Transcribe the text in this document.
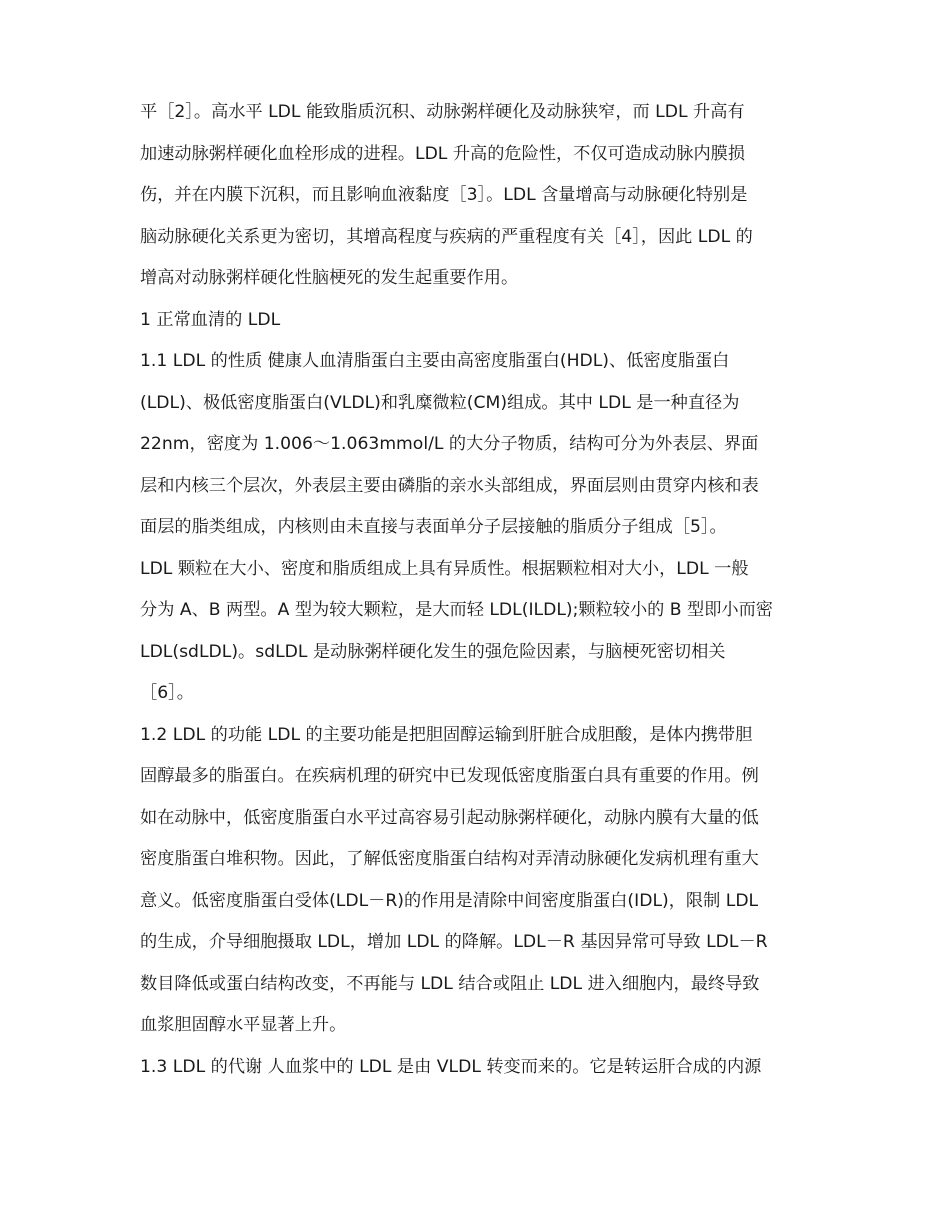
平［2］。高水平 LDL 能致脂质沉积、动脉粥样硬化及动脉狭窄，而 LDL 升高有
加速动脉粥样硬化血栓形成的进程。LDL 升高的危险性，不仅可造成动脉内膜损
伤，并在内膜下沉积，而且影响血液黏度［3］。LDL 含量增高与动脉硬化特别是
脑动脉硬化关系更为密切，其增高程度与疾病的严重程度有关［4］，因此 LDL 的
增高对动脉粥样硬化性脑梗死的发生起重要作用。
1 正常血清的 LDL
1.1 LDL 的性质 健康人血清脂蛋白主要由高密度脂蛋白(HDL)、低密度脂蛋白
(LDL)、极低密度脂蛋白(VLDL)和乳糜微粒(CM)组成。其中 LDL 是一种直径为
22nm，密度为 1.006～1.063mmol/L 的大分子物质，结构可分为外表层、界面
层和内核三个层次，外表层主要由磷脂的亲水头部组成，界面层则由贯穿内核和表
面层的脂类组成，内核则由未直接与表面单分子层接触的脂质分子组成［5］。
LDL 颗粒在大小、密度和脂质组成上具有异质性。根据颗粒相对大小，LDL 一般
分为 A、B 两型。A 型为较大颗粒，是大而轻 LDL(ILDL);颗粒较小的 B 型即小而密
LDL(sdLDL)。sdLDL 是动脉粥样硬化发生的强危险因素，与脑梗死密切相关
［6］。
1.2 LDL 的功能 LDL 的主要功能是把胆固醇运输到肝脏合成胆酸，是体内携带胆
固醇最多的脂蛋白。在疾病机理的研究中已发现低密度脂蛋白具有重要的作用。例
如在动脉中，低密度脂蛋白水平过高容易引起动脉粥样硬化，动脉内膜有大量的低
密度脂蛋白堆积物。因此，了解低密度脂蛋白结构对弄清动脉硬化发病机理有重大
意义。低密度脂蛋白受体(LDL－R)的作用是清除中间密度脂蛋白(IDL)，限制 LDL
的生成，介导细胞摄取 LDL，增加 LDL 的降解。LDL－R 基因异常可导致 LDL－R
数目降低或蛋白结构改变，不再能与 LDL 结合或阻止 LDL 进入细胞内，最终导致
血浆胆固醇水平显著上升。
1.3 LDL 的代谢 人血浆中的 LDL 是由 VLDL 转变而来的。它是转运肝合成的内源
